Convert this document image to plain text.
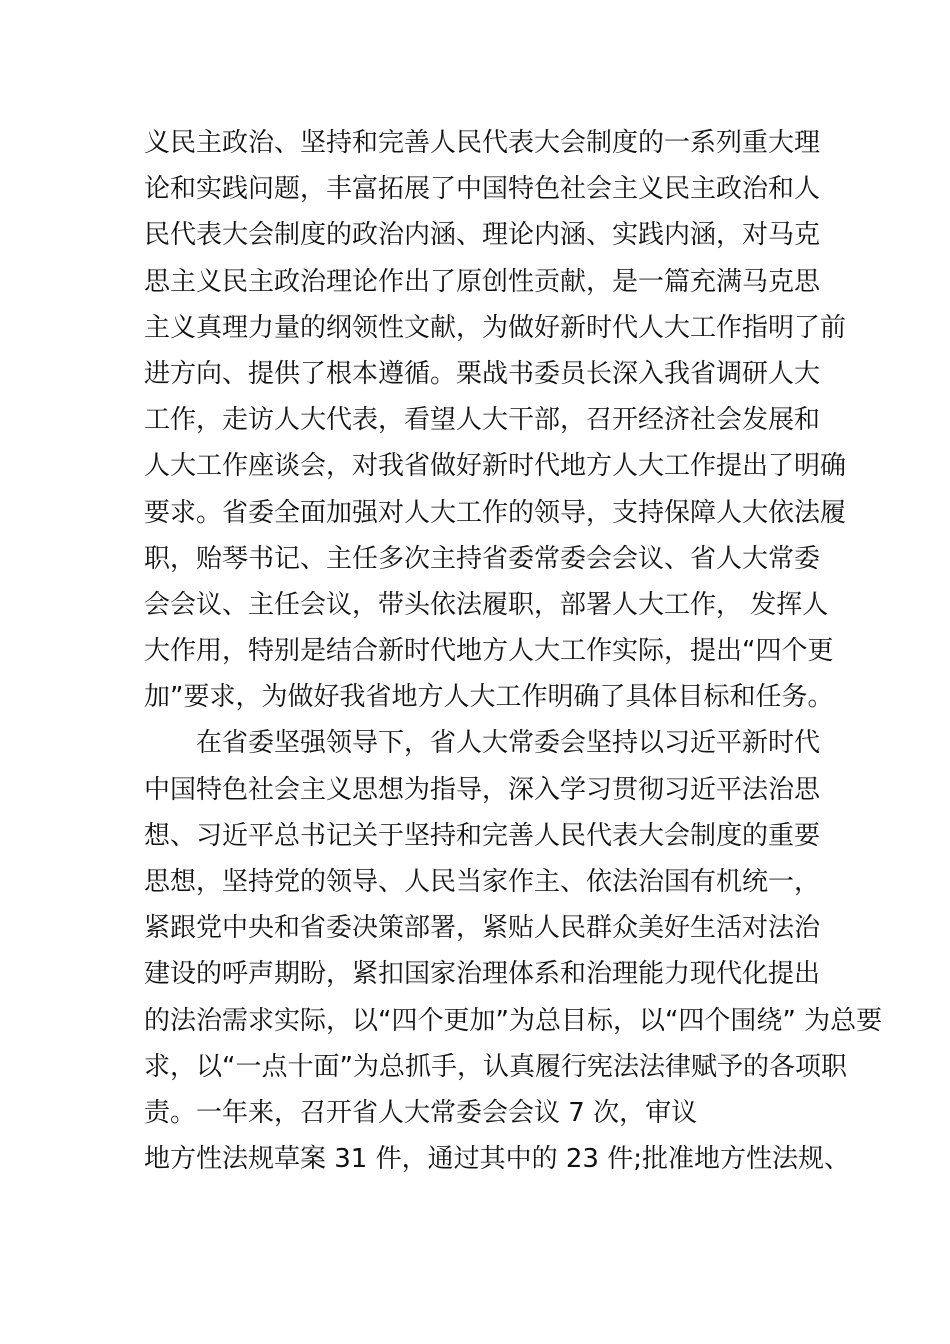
义民主政治、坚持和完善人民代表大会制度的一系列重大理
论和实践问题，丰富拓展了中国特色社会主义民主政治和人
民代表大会制度的政治内涵、理论内涵、实践内涵，对马克
思主义民主政治理论作出了原创性贡献，是一篇充满马克思
主义真理力量的纲领性文献，为做好新时代人大工作指明了前
进方向、提供了根本遵循。栗战书委员长深入我省调研人大
工作，走访人大代表，看望人大干部，召开经济社会发展和
人大工作座谈会，对我省做好新时代地方人大工作提出了明确
要求。省委全面加强对人大工作的领导，支持保障人大依法履
职，贻琴书记、主任多次主持省委常委会会议、省人大常委
会会议、主任会议，带头依法履职，部署人大工作， 发挥人
大作用，特别是结合新时代地方人大工作实际，提出“四个更
加”要求，为做好我省地方人大工作明确了具体目标和任务。
在省委坚强领导下，省人大常委会坚持以习近平新时代
中国特色社会主义思想为指导，深入学习贯彻习近平法治思
想、习近平总书记关于坚持和完善人民代表大会制度的重要
思想，坚持党的领导、人民当家作主、依法治国有机统一，
紧跟党中央和省委决策部署，紧贴人民群众美好生活对法治
建设的呼声期盼，紧扣国家治理体系和治理能力现代化提出
的法治需求实际，以“四个更加”为总目标，以“四个围绕” 为总要
求，以“一点十面”为总抓手，认真履行宪法法律赋予的各项职
责。一年来，召开省人大常委会会议 7 次，审议
地方性法规草案 31 件，通过其中的 23 件;批准地方性法规、
